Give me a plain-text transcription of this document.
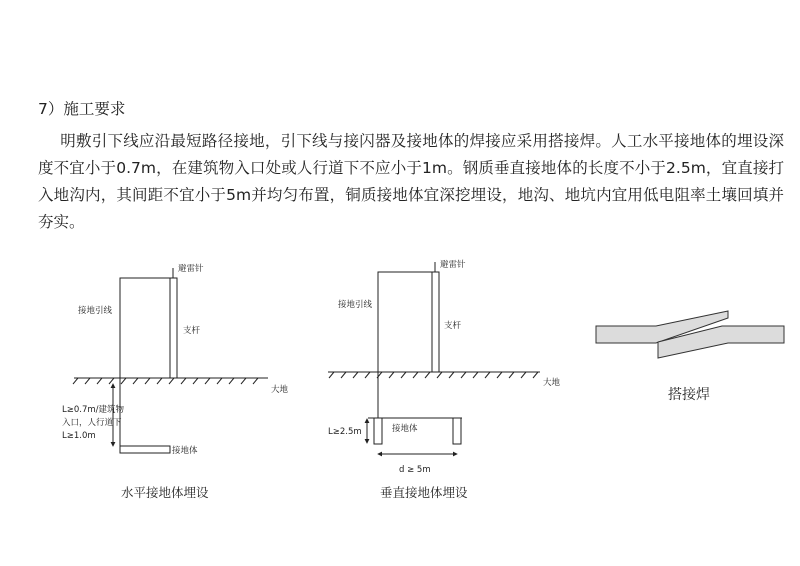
7）施工要求
明敷引下线应沿最短路径接地，引下线与接闪器及接地体的焊接应采用搭接焊。人工水平接地体的埋设深度不宜小于0.7m，在建筑物入口处或人行道下不应小于1m。钢质垂直接地体的长度不小于2.5m，宜直接打入地沟内，其间距不宜小于5m并均匀布置，铜质接地体宜深挖埋设，地沟、地坑内宜用低电阻率土壤回填并夯实。
避雷针
接地引线
支杆
大地
L≥0.7m/建筑物
入口，人行道下
L≥1.0m
接地体
水平接地体埋设
避雷针
接地引线
支杆
大地
L≥2.5m	接地体
d ≥ 5m
垂直接地体埋设
搭接焊
